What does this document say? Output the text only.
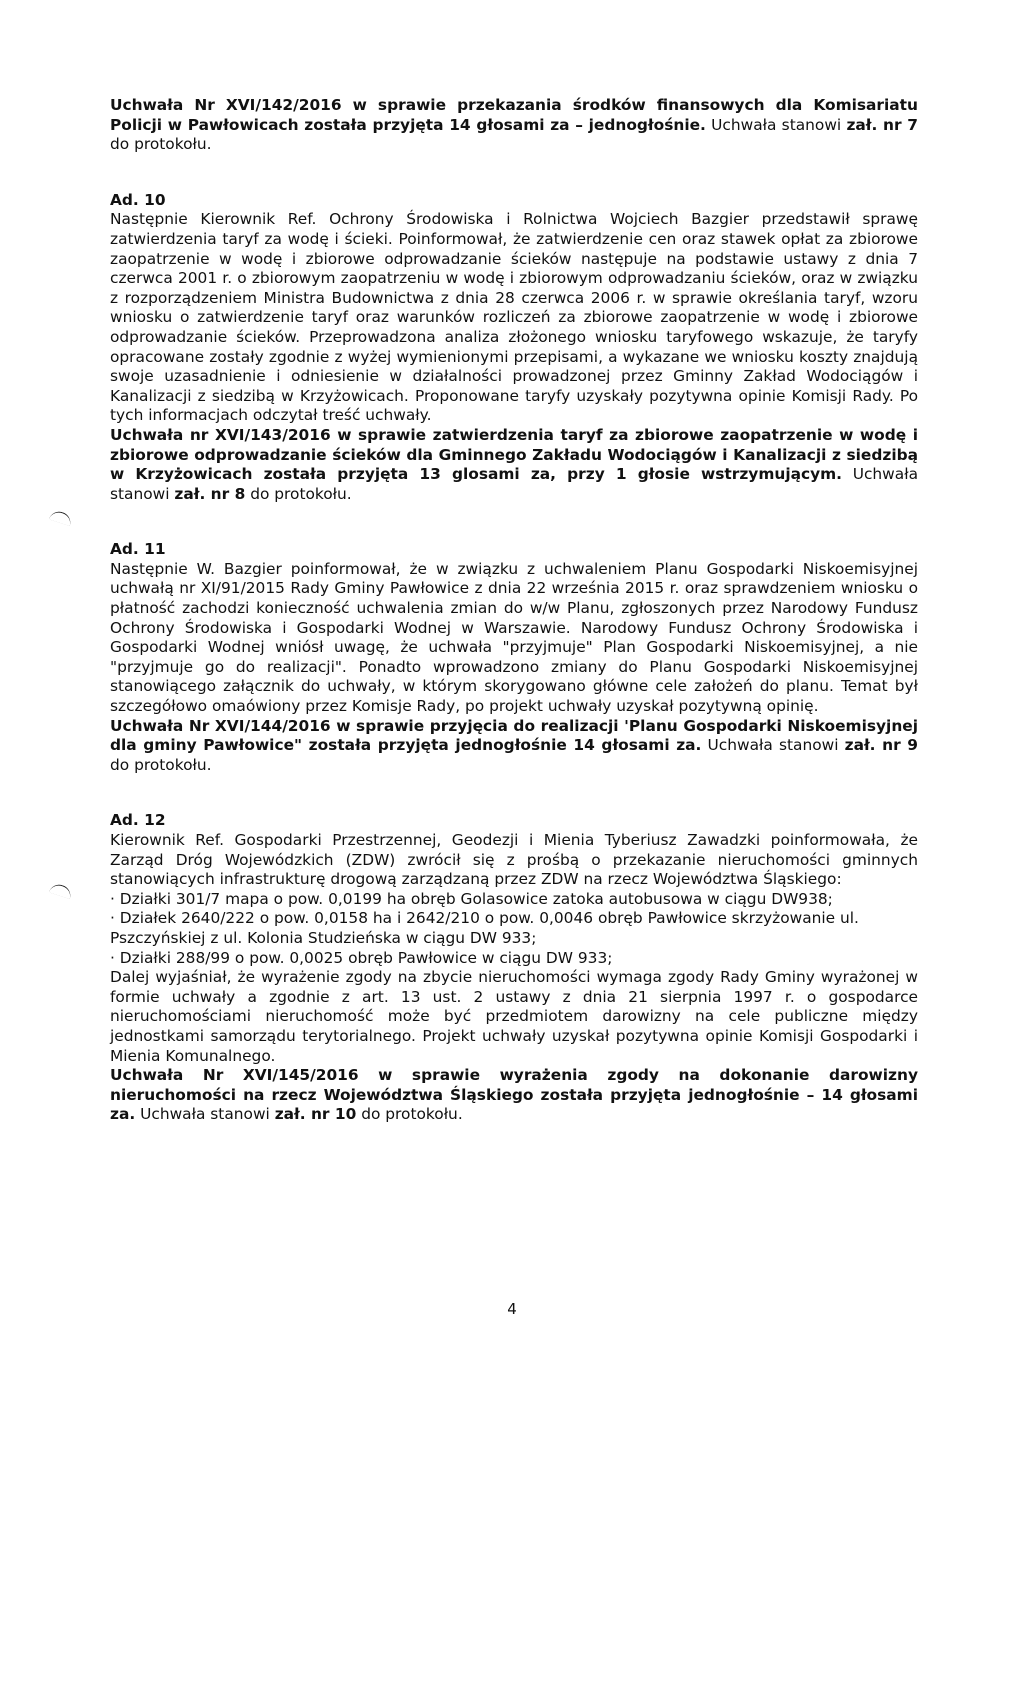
Uchwała Nr XVI/142/2016 w sprawie przekazania środków finansowych dla Komisariatu Policji w Pawłowicach została przyjęta 14 głosami za – jednogłośnie. Uchwała stanowi zał. nr 7 do protokołu.

Ad. 10

Następnie Kierownik Ref. Ochrony Środowiska i Rolnictwa Wojciech Bazgier przedstawił sprawę zatwierdzenia taryf za wodę i ścieki. Poinformował, że zatwierdzenie cen oraz stawek opłat za zbiorowe zaopatrzenie w wodę i zbiorowe odprowadzanie ścieków następuje na podstawie ustawy z dnia 7 czerwca 2001 r. o zbiorowym zaopatrzeniu w wodę i zbiorowym odprowadzaniu ścieków, oraz w związku z rozporządzeniem Ministra Budownictwa z dnia 28 czerwca 2006 r. w sprawie określania taryf, wzoru wniosku o zatwierdzenie taryf oraz warunków rozliczeń za zbiorowe zaopatrzenie w wodę i zbiorowe odprowadzanie ścieków. Przeprowadzona analiza złożonego wniosku taryfowego wskazuje, że taryfy opracowane zostały zgodnie z wyżej wymienionymi przepisami, a wykazane we wniosku koszty znajdują swoje uzasadnienie i odniesienie w działalności prowadzonej przez Gminny Zakład Wodociągów i Kanalizacji z siedzibą w Krzyżowicach. Proponowane taryfy uzyskały pozytywna opinie Komisji Rady. Po tych informacjach odczytał treść uchwały.

Uchwała nr XVI/143/2016 w sprawie zatwierdzenia taryf za zbiorowe zaopatrzenie w wodę i zbiorowe odprowadzanie ścieków dla Gminnego Zakładu Wodociągów i Kanalizacji z siedzibą w Krzyżowicach została przyjęta 13 glosami za, przy 1 głosie wstrzymującym. Uchwała stanowi zał. nr 8 do protokołu.

Ad. 11

Następnie W. Bazgier poinformował, że w związku z uchwaleniem Planu Gospodarki Niskoemisyjnej uchwałą nr XI/91/2015 Rady Gminy Pawłowice z dnia 22 września 2015 r. oraz sprawdzeniem wniosku o płatność zachodzi konieczność uchwalenia zmian do w/w Planu, zgłoszonych przez Narodowy Fundusz Ochrony Środowiska i Gospodarki Wodnej w Warszawie. Narodowy Fundusz Ochrony Środowiska i Gospodarki Wodnej wniósł uwagę, że uchwała "przyjmuje" Plan Gospodarki Niskoemisyjnej, a nie "przyjmuje go do realizacji". Ponadto wprowadzono zmiany do Planu Gospodarki Niskoemisyjnej stanowiącego załącznik do uchwały, w którym skorygowano główne cele założeń do planu. Temat był szczegółowo omaówiony przez Komisje Rady, po projekt uchwały uzyskał pozytywną opinię.

Uchwała Nr XVI/144/2016 w sprawie przyjęcia do realizacji 'Planu Gospodarki Niskoemisyjnej dla gminy Pawłowice" została przyjęta jednogłośnie 14 głosami za. Uchwała stanowi zał. nr 9 do protokołu.

Ad. 12

Kierownik Ref. Gospodarki Przestrzennej, Geodezji i Mienia Tyberiusz Zawadzki poinformowała, że Zarząd Dróg Wojewódzkich (ZDW) zwrócił się z prośbą o przekazanie nieruchomości gminnych stanowiących infrastrukturę drogową zarządzaną przez ZDW na rzecz Województwa Śląskiego:

· Działki 301/7 mapa o pow. 0,0199 ha obręb Golasowice zatoka autobusowa w ciągu DW938;

· Działek 2640/222 o pow. 0,0158 ha i 2642/210 o pow. 0,0046 obręb Pawłowice skrzyżowanie ul. Pszczyńskiej z ul. Kolonia Studzieńska w ciągu DW 933;

· Działki 288/99 o pow. 0,0025 obręb Pawłowice w ciągu DW 933;

Dalej wyjaśniał, że wyrażenie zgody na zbycie nieruchomości wymaga zgody Rady Gminy wyrażonej w formie uchwały a zgodnie z art. 13 ust. 2 ustawy z dnia 21 sierpnia 1997 r. o gospodarce nieruchomościami nieruchomość może być przedmiotem darowizny na cele publiczne między jednostkami samorządu terytorialnego. Projekt uchwały uzyskał pozytywna opinie Komisji Gospodarki i Mienia Komunalnego.

Uchwała Nr XVI/145/2016 w sprawie wyrażenia zgody na dokonanie darowizny nieruchomości na rzecz Województwa Śląskiego została przyjęta jednogłośnie – 14 głosami za. Uchwała stanowi zał. nr 10 do protokołu.

4
